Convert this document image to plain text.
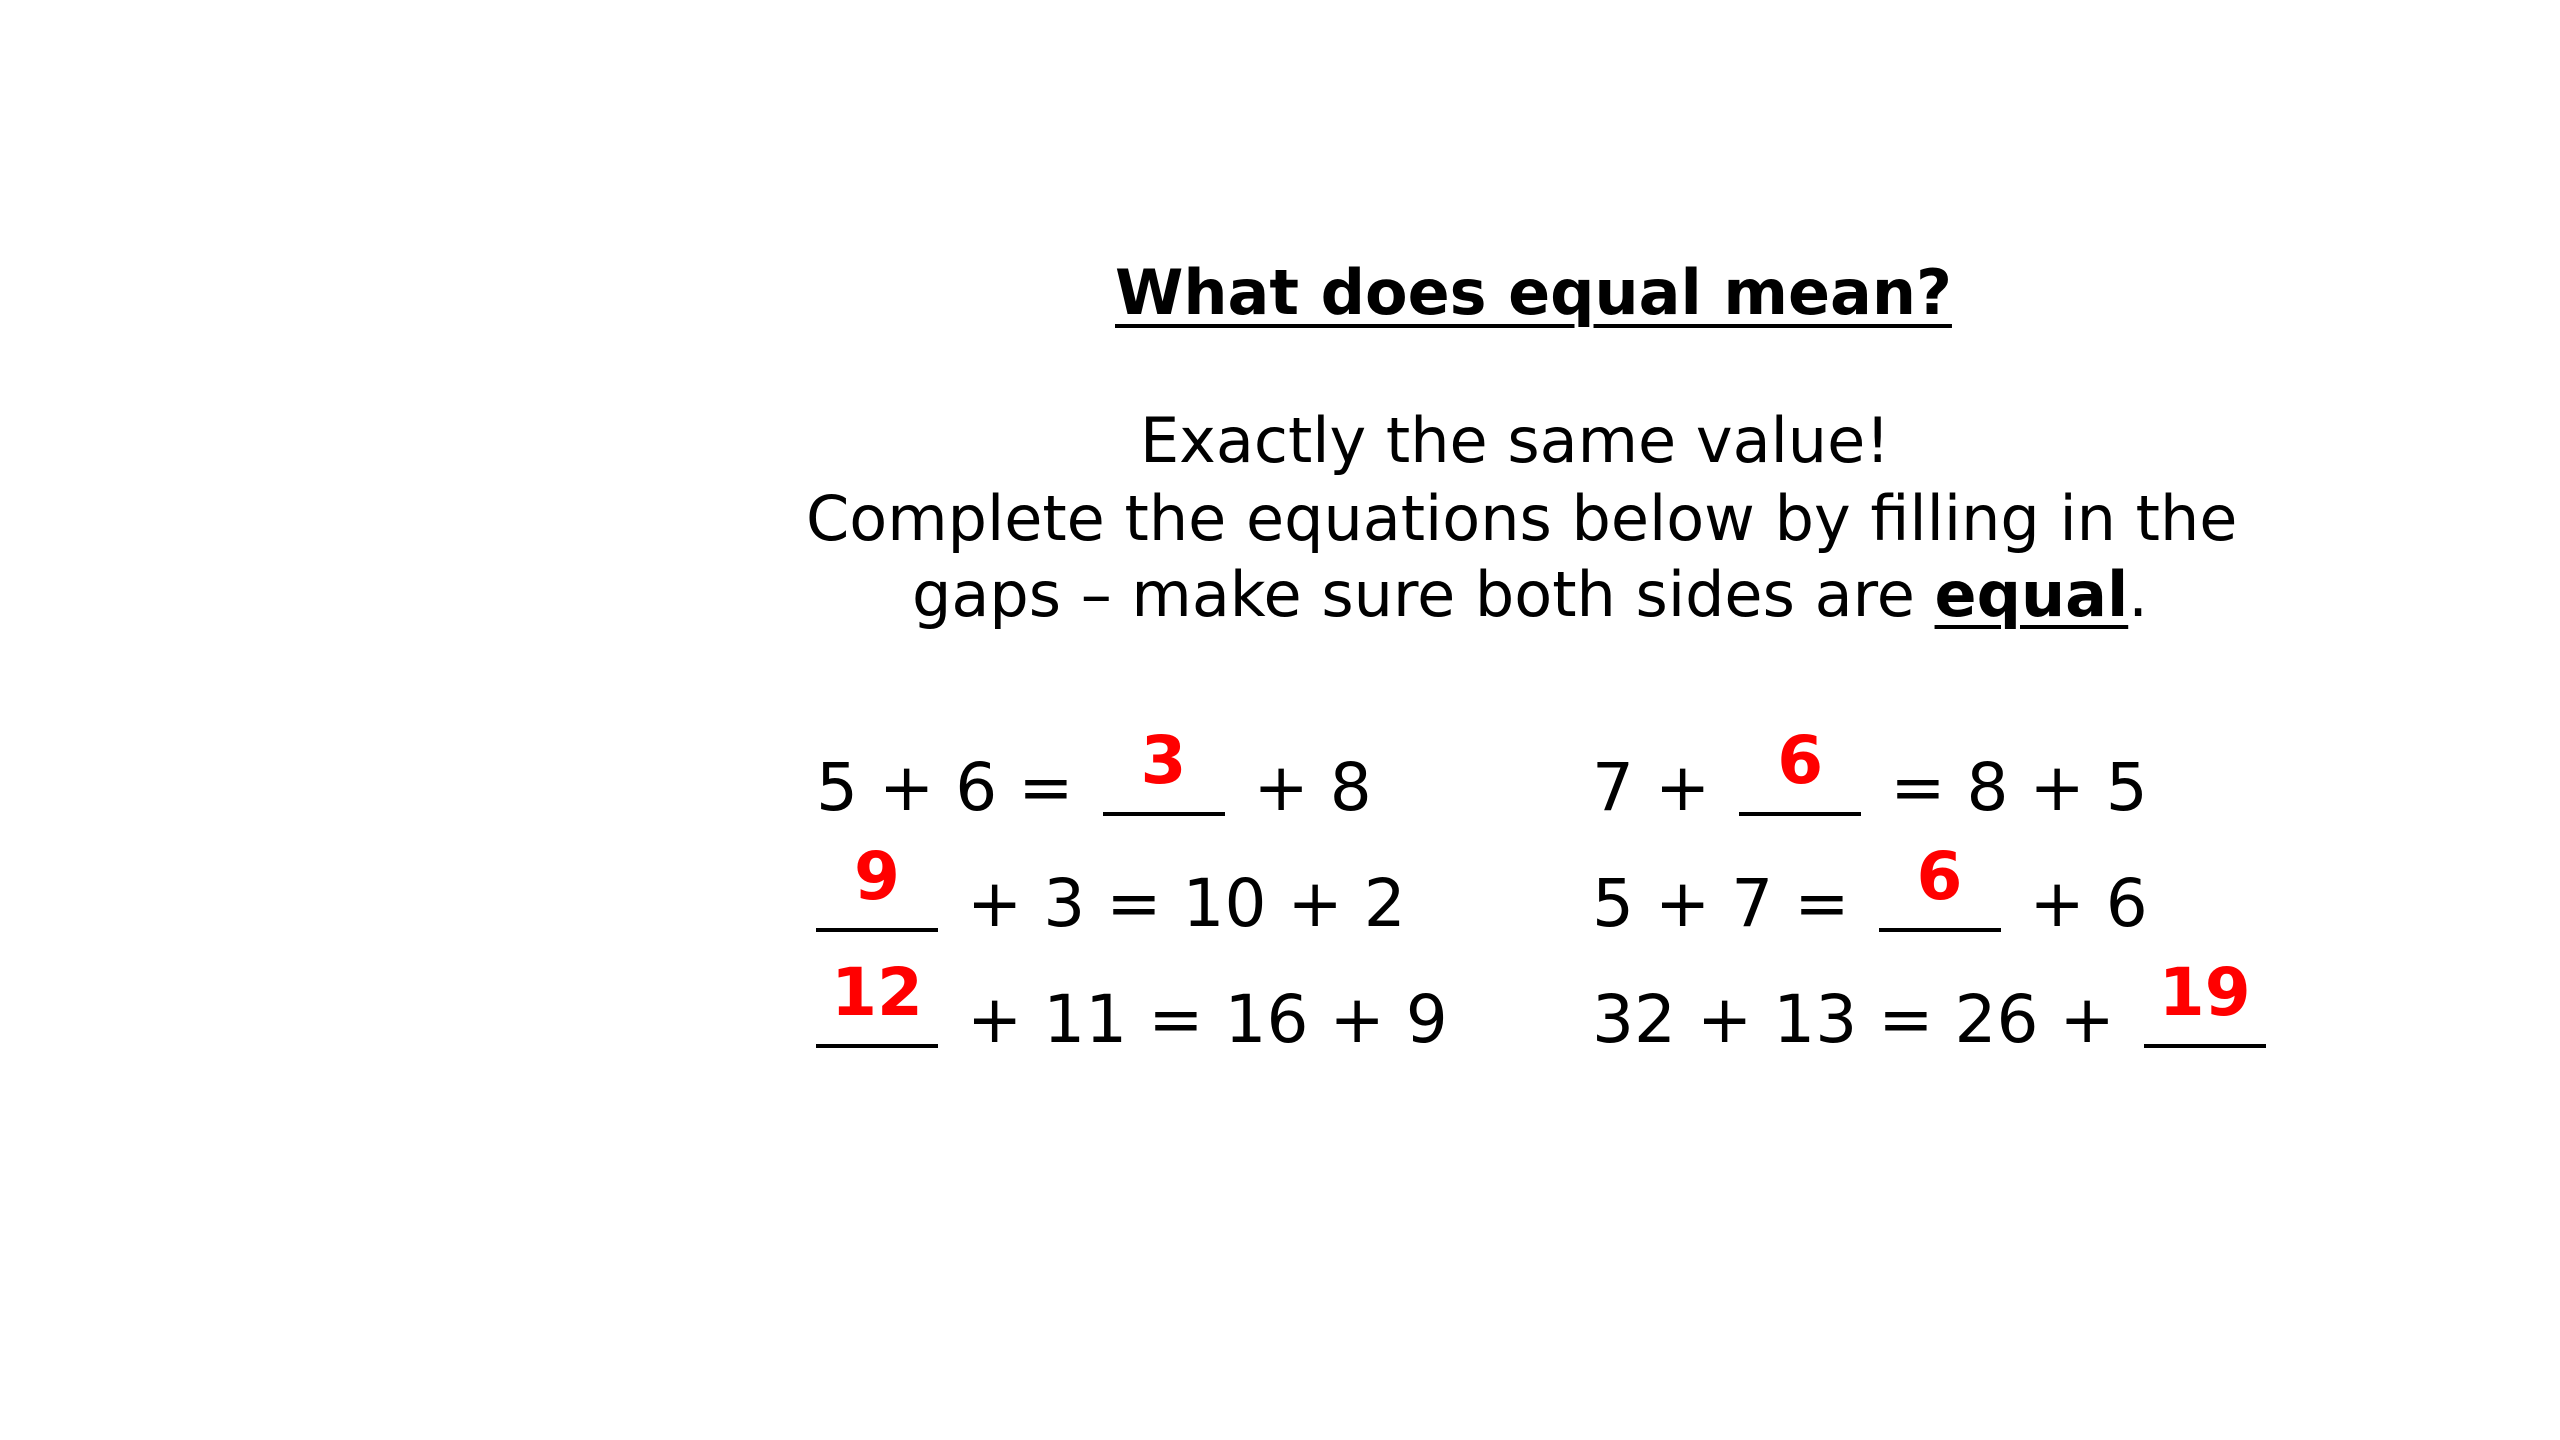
What does equal mean?
Exactly the same value!
Complete the equations below by filling in the
gaps – make sure both sides are equal.
5 + 6 = 3 + 8
9 + 3 = 10 + 2
12 + 11 = 16 + 9
7 + 6 = 8 + 5
5 + 7 = 6 + 6
32 + 13 = 26 + 19
